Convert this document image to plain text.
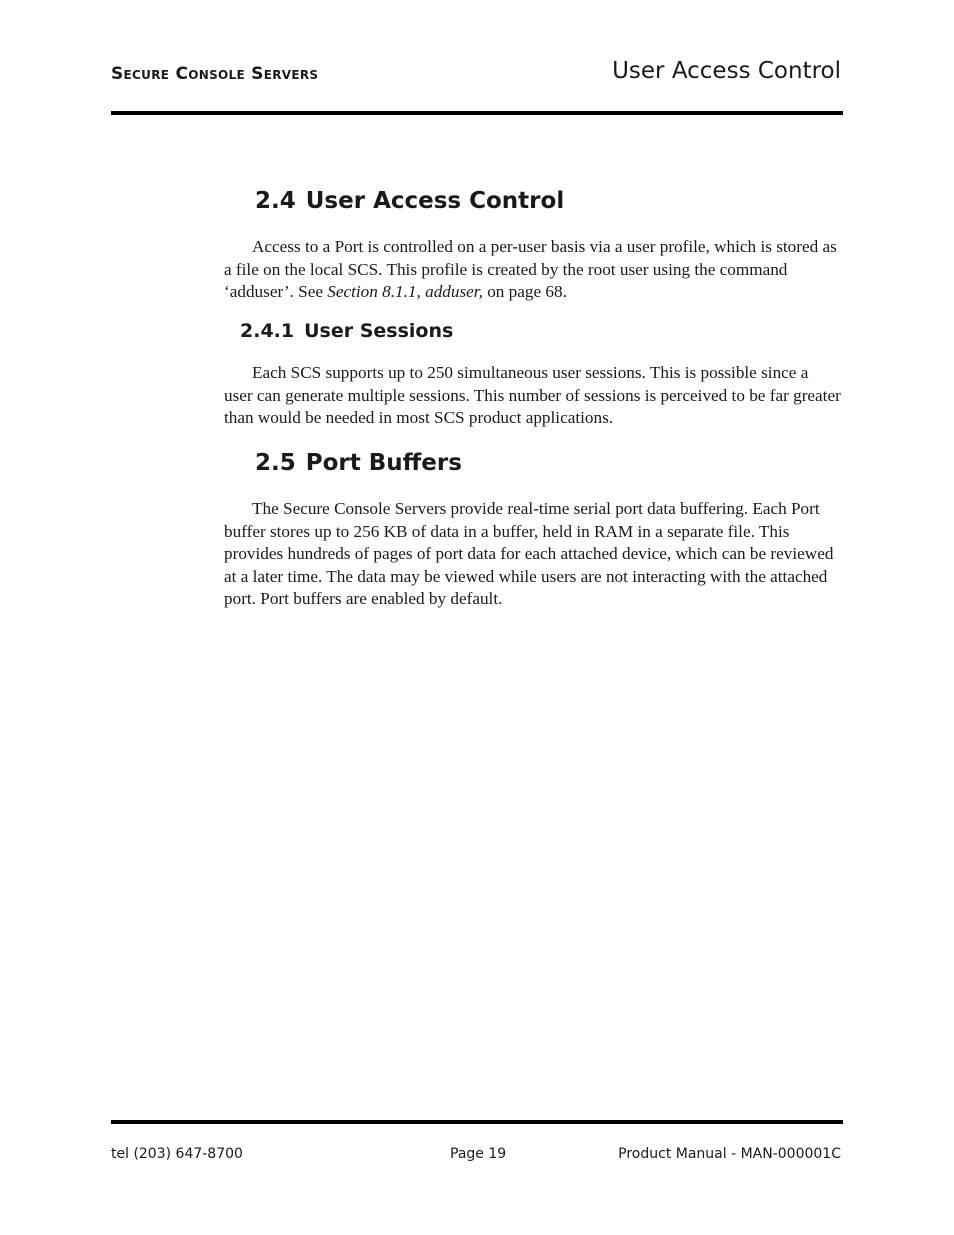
Secure Console Servers	User Access Control
2.4 User Access Control

Access to a Port is controlled on a per-user basis via a user profile, which is stored as a file on the local SCS. This profile is created by the root user using the command ‘adduser’. See Section 8.1.1, adduser, on page 68.

2.4.1 User Sessions

Each SCS supports up to 250 simultaneous user sessions. This is possible since a user can generate multiple sessions. This number of sessions is perceived to be far greater than would be needed in most SCS product applications.

2.5 Port Buffers

The Secure Console Servers provide real-time serial port data buffering. Each Port buffer stores up to 256 KB of data in a buffer, held in RAM in a separate file. This provides hundreds of pages of port data for each attached device, which can be reviewed at a later time. The data may be viewed while users are not interacting with the attached port. Port buffers are enabled by default.

tel (203) 647-8700	Page 19	Product Manual - MAN-000001C
